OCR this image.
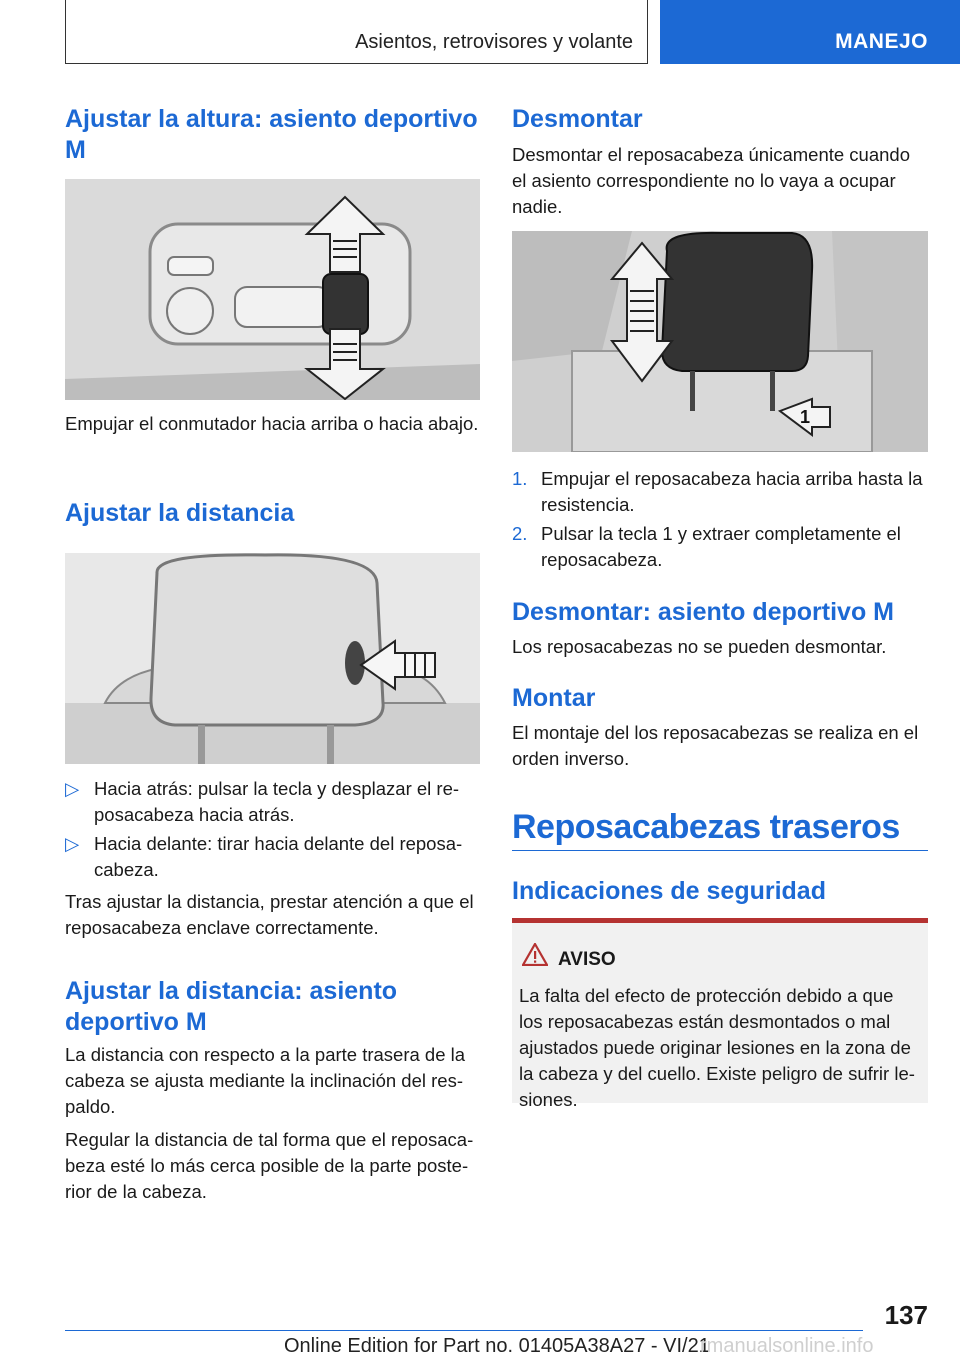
Asientos, retrovisores y volante	MANEJO
Ajustar la altura: asiento deportivo M

Empujar el conmutador hacia arriba o hacia abajo.

Ajustar la distancia
▷ Hacia atrás: pulsar la tecla y desplazar el re-posacabeza hacia atrás.
▷ Hacia delante: tirar hacia delante del reposa-cabeza.

Tras ajustar la distancia, prestar atención a que el reposacabeza enclave correctamente.

Ajustar la distancia: asiento deportivo M

La distancia con respecto a la parte trasera de la cabeza se ajusta mediante la inclinación del res-paldo.

Regular la distancia de tal forma que el reposaca-beza esté lo más cerca posible de la parte poste-rior de la cabeza.

Desmontar

Desmontar el reposacabeza únicamente cuando el asiento correspondiente no lo vaya a ocupar nadie.

1
1. Empujar el reposacabeza hacia arriba hasta la resistencia.
2. Pulsar la tecla 1 y extraer completamente el reposacabeza.
Desmontar: asiento deportivo M

Los reposacabezas no se pueden desmontar.

Montar

El montaje del los reposacabezas se realiza en el orden inverso.

Reposacabezas traseros
Indicaciones de seguridad
AVISO
La falta del efecto de protección debido a que los reposacabezas están desmontados o mal ajustados puede originar lesiones en la zona de la cabeza y del cuello. Existe peligro de sufrir le-siones.
137
Online Edition for Part no. 01405A38A27 - VI/21
rmanualsonline.info
